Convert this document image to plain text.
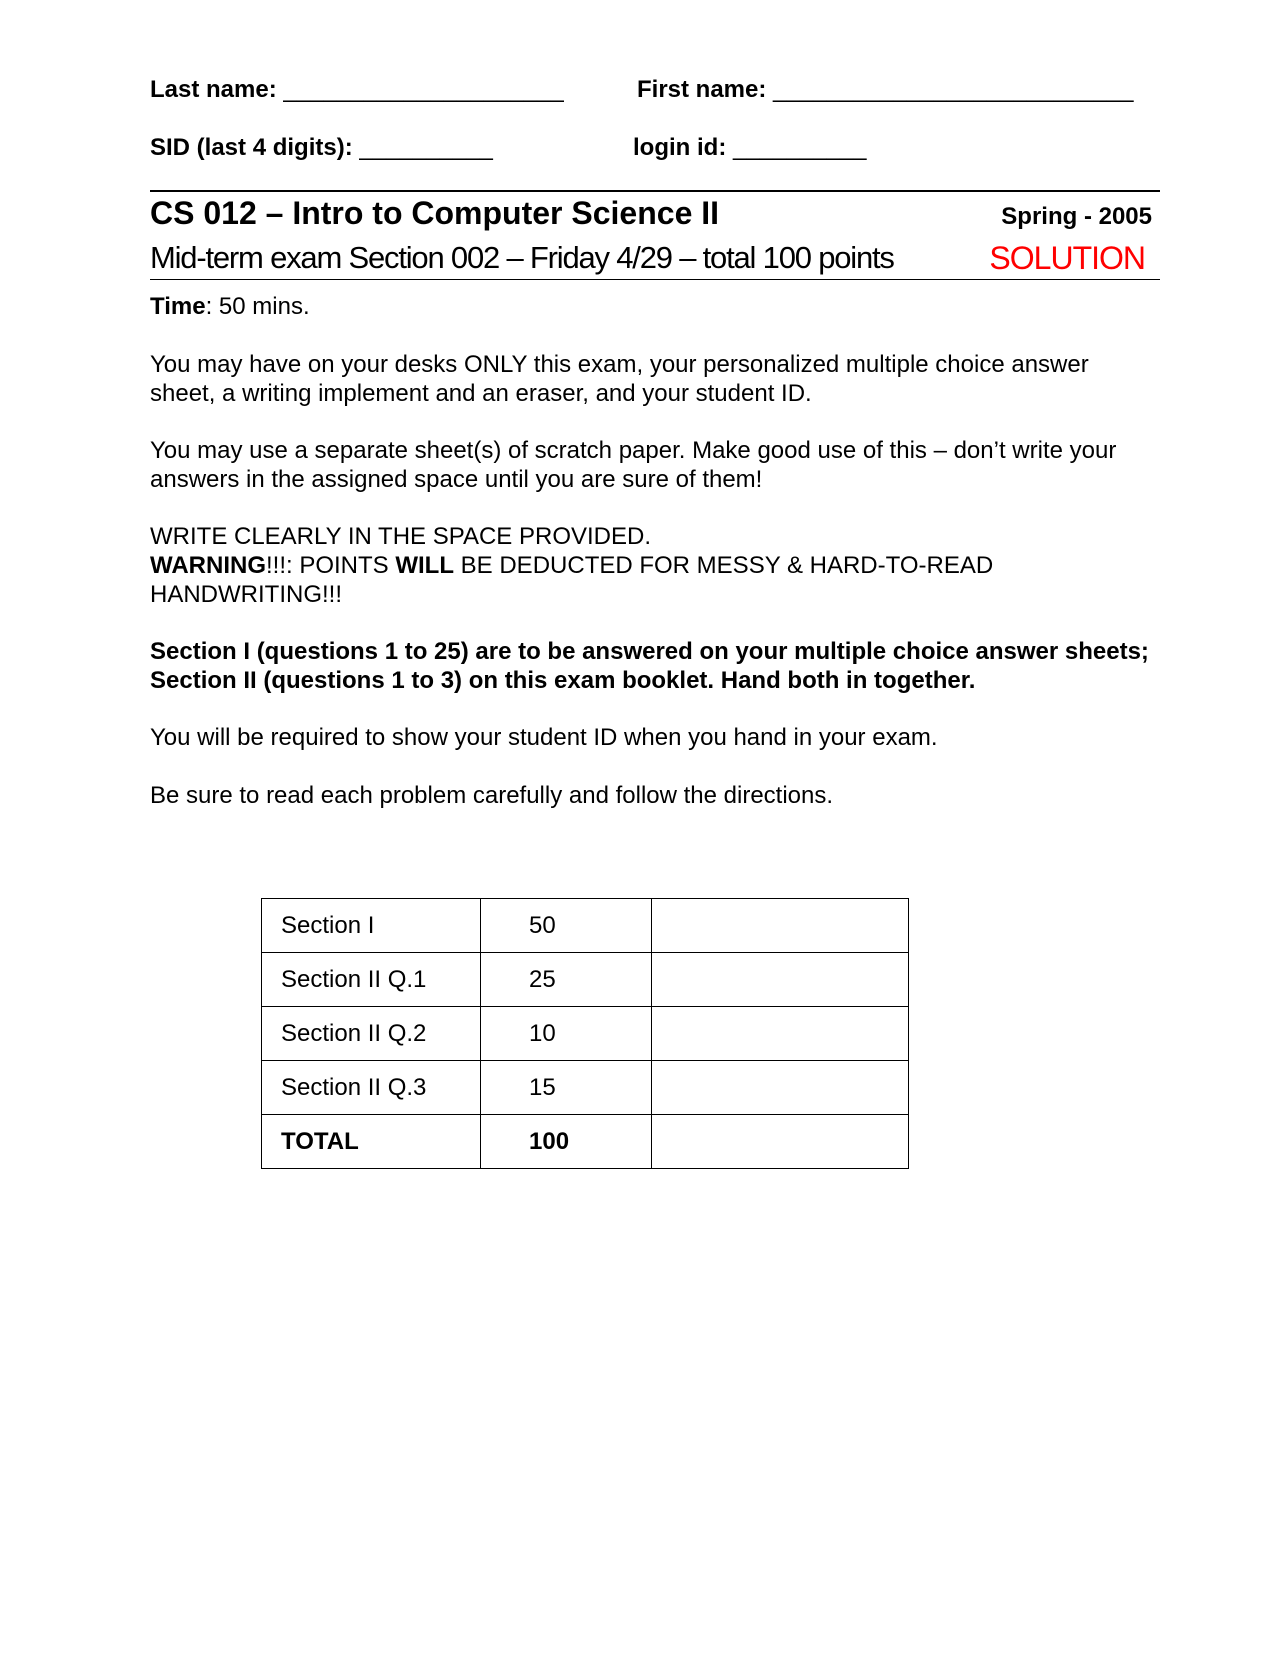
Last name: _____________________	First name: ___________________________
SID (last 4 digits): __________	login id: __________
CS 012 – Intro to Computer Science II	Spring - 2005
Mid-term exam Section 002 – Friday 4/29 – total 100 points	SOLUTION
Time: 50 mins.
You may have on your desks ONLY this exam, your personalized multiple choice answer sheet, a writing implement and an eraser, and your student ID.
You may use a separate sheet(s) of scratch paper. Make good use of this – don’t write your answers in the assigned space until you are sure of them!
WRITE CLEARLY IN THE SPACE PROVIDED.
WARNING!!!: POINTS WILL BE DEDUCTED FOR MESSY & HARD-TO-READ HANDWRITING!!!
Section I (questions 1 to 25) are to be answered on your multiple choice answer sheets; Section II (questions 1 to 3) on this exam booklet. Hand both in together.
You will be required to show your student ID when you hand in your exam.
Be sure to read each problem carefully and follow the directions.
Section I	50	
Section II Q.1	25	
Section II Q.2	10	
Section II Q.3	15	
TOTAL	100	
